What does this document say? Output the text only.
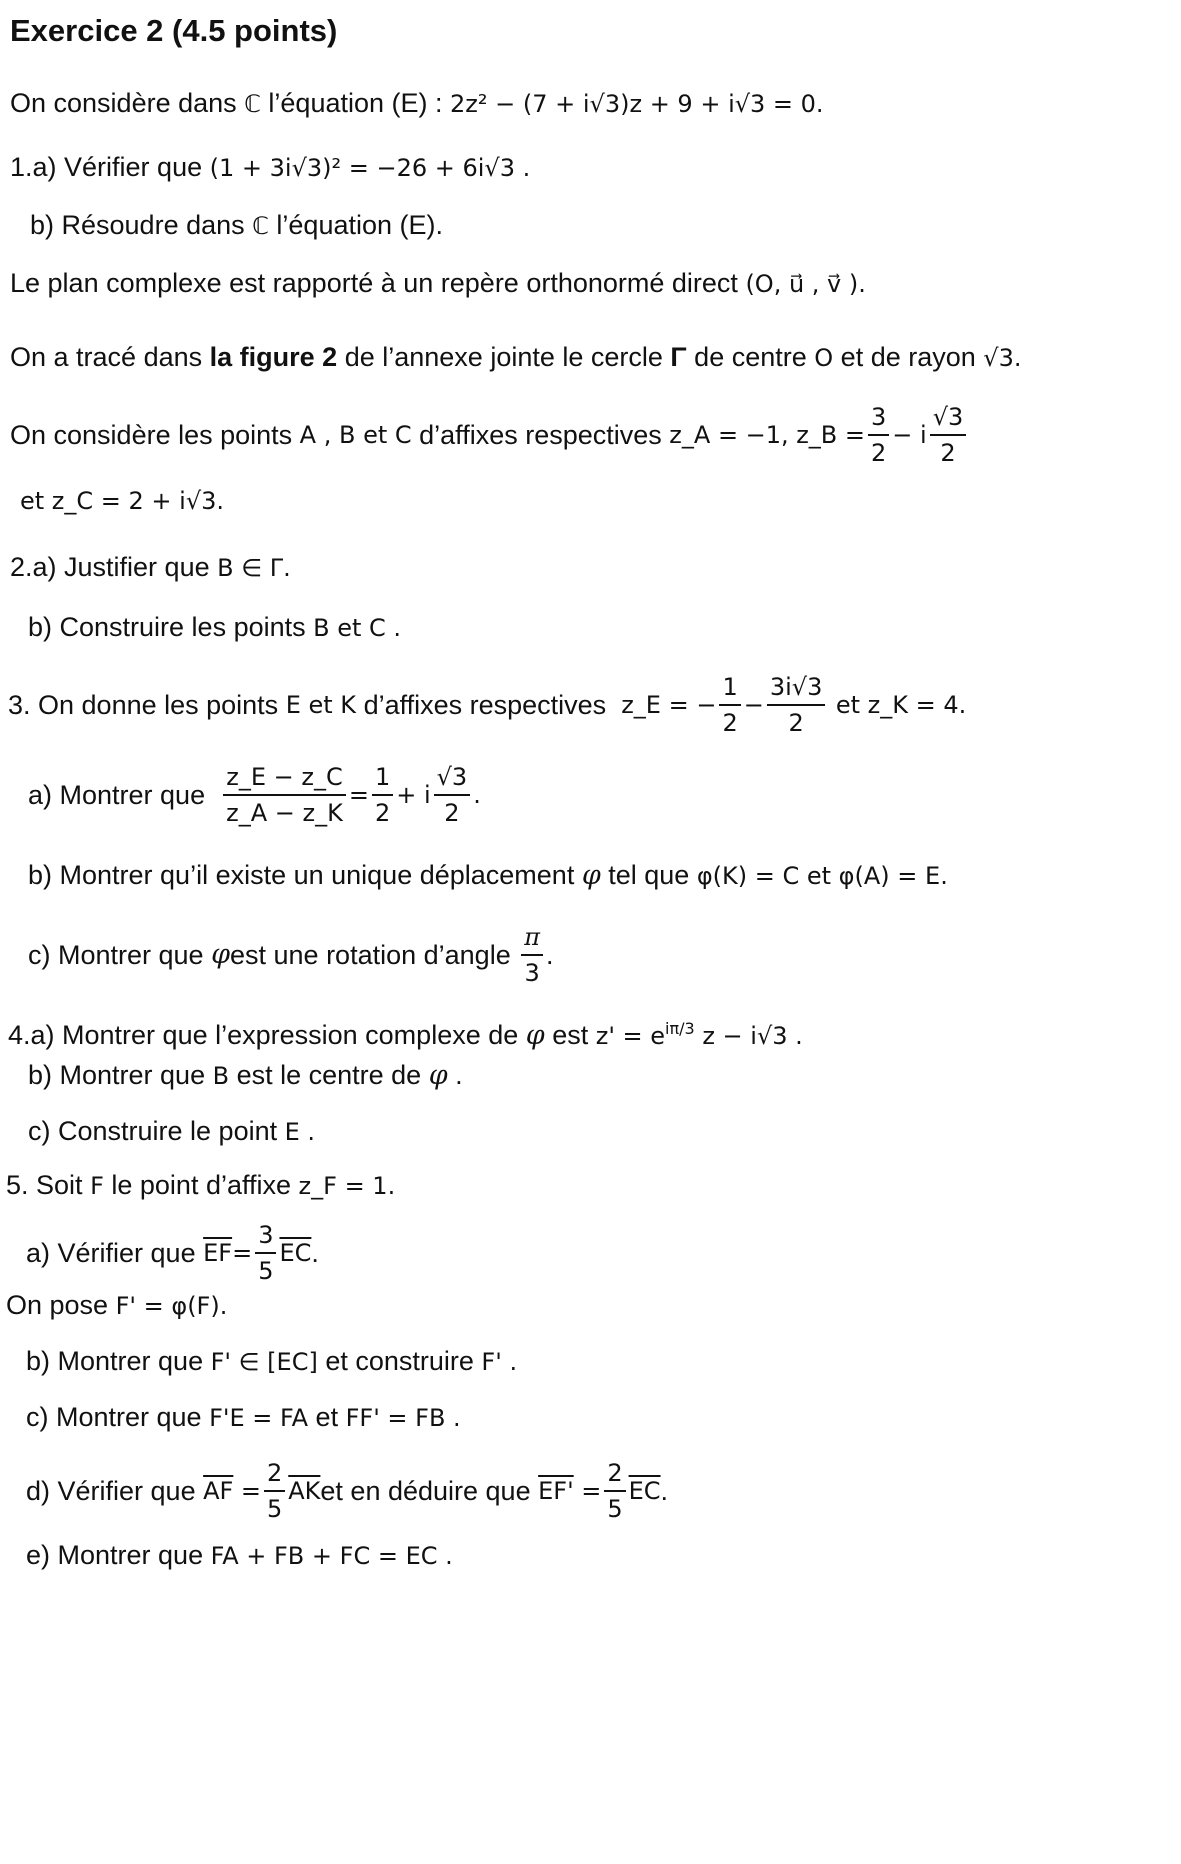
Exercice 2 (4.5 points)
On considère dans ℂ l’équation (E) : 2z² − (7 + i√3)z + 9 + i√3 = 0.
1.a) Vérifier que (1 + 3i√3)² = −26 + 6i√3 .
b) Résoudre dans ℂ l’équation (E).
Le plan complexe est rapporté à un repère orthonormé direct (O, u⃗ , v⃗ ).
On a tracé dans la figure 2 de l’annexe jointe le cercle Γ de centre O et de rayon √3.
On considère les points
A , B et C
d’affixes respectives
z_A = −1,
z_B = $\frac{3}{2} - i \frac{√3}{2}$
et z_C = 2 + i√3.
2.a) Justifier que B ∈ Γ.
b) Construire les points B et C .
3. On donne les points
E et K
d’affixes respectives
z_E = − $\frac{1}{2} - \frac{3i√3}{2}$
et z_K = 4.
a) Montrer que
$\frac{z\_E - z\_C}{z\_A - z\_K} = \frac{1}{2} + i \frac{√3}{2}$ .
b) Montrer qu’il existe un unique déplacement φ tel que φ(K) = C et φ(A) = E.
c) Montrer que
φ est une rotation d’angle
$\frac{\pi}{3}$ .
4.a) Montrer que l’expression complexe de φ est $z' = e^{i\pi/3}$ z − i√3 .
b) Montrer que B est le centre de φ .
c) Construire le point E .
5. Soit F le point d’affixe z_F = 1.
a) Vérifier que
$\overline{EF} = \frac{3}{5} \overline{EC}$ .
On pose F' = φ(F).
b) Montrer que F' ∈ [EC] et construire F' .
c) Montrer que F'E = FA et FF' = FB .
d) Vérifier que
$\overline{AF}$
= $\frac{2}{5} \overline{AK}$ et en déduire que
EF'
= $\frac{2}{5} \overline{EC}$ .
e) Montrer que FA + FB + FC = EC .
